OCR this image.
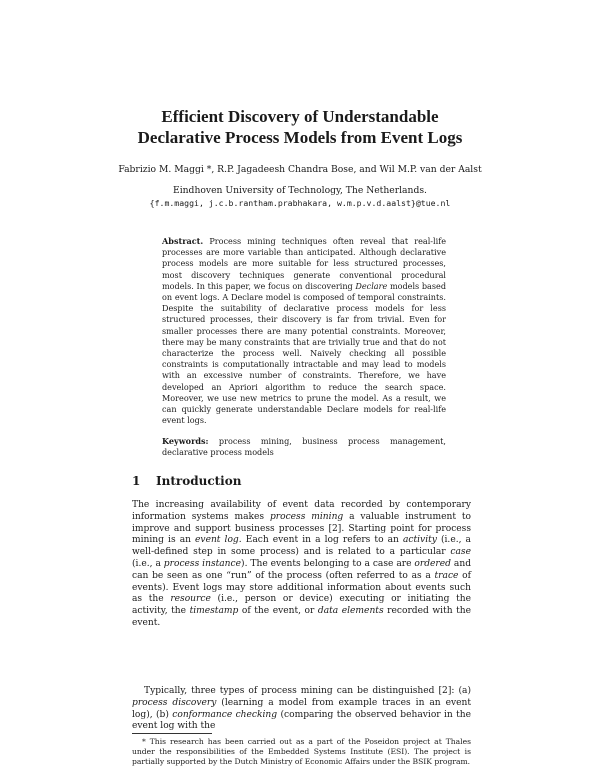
Efficient Discovery of Understandable
Declarative Process Models from Event Logs
Fabrizio M. Maggi *, R.P. Jagadeesh Chandra Bose, and Wil M.P. van der Aalst
Eindhoven University of Technology, The Netherlands.
{f.m.maggi, j.c.b.rantham.prabhakara, w.m.p.v.d.aalst}@tue.nl
Abstract. Process mining techniques often reveal that real-life processes are more variable than anticipated. Although declarative process models are more suitable for less structured processes, most discovery techniques generate conventional procedural models. In this paper, we focus on discovering Declare models based on event logs. A Declare model is composed of temporal constraints. Despite the suitability of declarative process models for less structured processes, their discovery is far from trivial. Even for smaller processes there are many potential constraints. Moreover, there may be many constraints that are trivially true and that do not characterize the process well. Naively checking all possible constraints is computationally intractable and may lead to models with an excessive number of constraints. Therefore, we have developed an Apriori algorithm to reduce the search space. Moreover, we use new metrics to prune the model. As a result, we can quickly generate understandable Declare models for real-life event logs.
Keywords: process mining, business process management, declarative process models
1 Introduction
The increasing availability of event data recorded by contemporary information systems makes process mining a valuable instrument to improve and support business processes [2]. Starting point for process mining is an event log. Each event in a log refers to an activity (i.e., a well-defined step in some process) and is related to a particular case (i.e., a process instance). The events belonging to a case are ordered and can be seen as one “run” of the process (often referred to as a trace of events). Event logs may store additional information about events such as the resource (i.e., person or device) executing or initiating the activity, the timestamp of the event, or data elements recorded with the event.
Typically, three types of process mining can be distinguished [2]: (a) process discovery (learning a model from example traces in an event log), (b) conformance checking (comparing the observed behavior in the event log with the
* This research has been carried out as a part of the Poseidon project at Thales under the responsibilities of the Embedded Systems Institute (ESI). The project is partially supported by the Dutch Ministry of Economic Affairs under the BSIK program.
